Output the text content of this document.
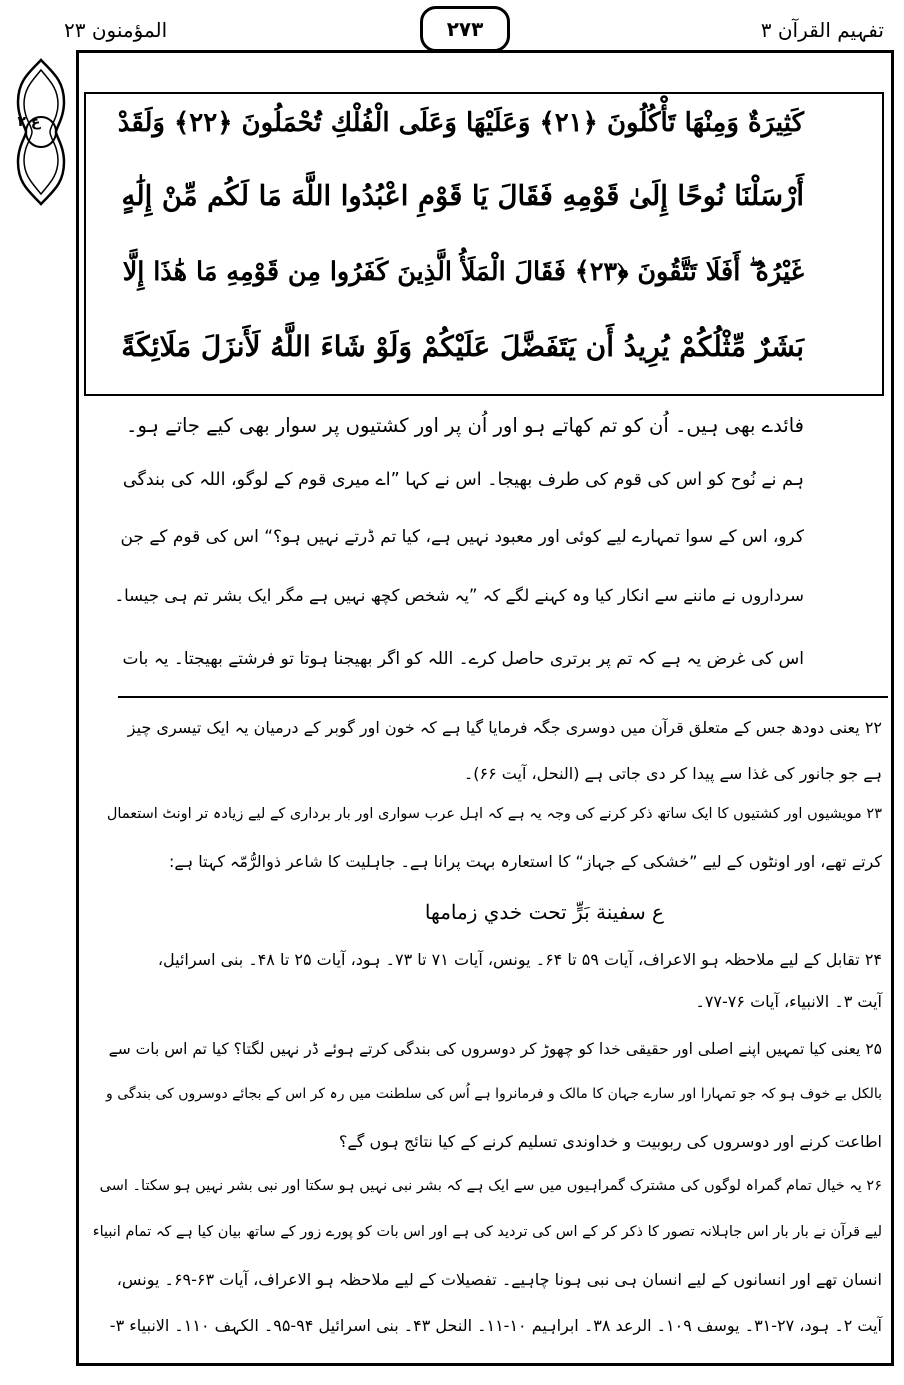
تفہیم القرآن ۳
۲۷۳
المؤمنون ۲۳
ع ۲	كَثِيرَةٌ وَمِنْهَا تَأْكُلُونَ ﴿٢١﴾ وَعَلَيْهَا وَعَلَى الْفُلْكِ تُحْمَلُونَ ﴿٢٢﴾ وَلَقَدْ
أَرْسَلْنَا نُوحًا إِلَىٰ قَوْمِهِ فَقَالَ يَا قَوْمِ اعْبُدُوا اللَّهَ مَا لَكُم مِّنْ إِلَٰهٍ
غَيْرُهُ ۖ أَفَلَا تَتَّقُونَ ﴿٢٣﴾ فَقَالَ الْمَلَأُ الَّذِينَ كَفَرُوا مِن قَوْمِهِ مَا هَٰذَا إِلَّا
بَشَرٌ مِّثْلُكُمْ يُرِيدُ أَن يَتَفَضَّلَ عَلَيْكُمْ وَلَوْ شَاءَ اللَّهُ لَأَنزَلَ مَلَائِكَةً
فائدے بھی ہیں۔ اُن کو تم کھاتے ہو اور اُن پر اور کشتیوں پر سوار بھی کیے جاتے ہو۔
ہم نے نُوح کو اس کی قوم کی طرف بھیجا۔ اس نے کہا ”اے میری قوم کے لوگو، اللہ کی بندگی
کرو، اس کے سوا تمہارے لیے کوئی اور معبود نہیں ہے، کیا تم ڈرتے نہیں ہو؟“ اس کی قوم کے جن
سرداروں نے ماننے سے انکار کیا وہ کہنے لگے کہ ”یہ شخص کچھ نہیں ہے مگر ایک بشر تم ہی جیسا۔
اس کی غرض یہ ہے کہ تم پر برتری حاصل کرے۔ اللہ کو اگر بھیجنا ہوتا تو فرشتے بھیجتا۔ یہ بات
۲۲ یعنی دودھ جس کے متعلق قرآن میں دوسری جگہ فرمایا گیا ہے کہ خون اور گوبر کے درمیان یہ ایک تیسری چیز
ہے جو جانور کی غذا سے پیدا کر دی جاتی ہے (النحل، آیت ۶۶)۔
۲۳ مویشیوں اور کشتیوں کا ایک ساتھ ذکر کرنے کی وجہ یہ ہے کہ اہل عرب سواری اور بار برداری کے لیے زیادہ تر اونٹ استعمال
کرتے تھے، اور اونٹوں کے لیے ”خشکی کے جہاز“ کا استعارہ بہت پرانا ہے۔ جاہلیت کا شاعر ذوالرُّمّہ کہتا ہے:
ع سفينة بَرٍّ تحت خدي زمامها
۲۴ تقابل کے لیے ملاحظہ ہو الاعراف، آیات ۵۹ تا ۶۴۔ یونس، آیات ۷۱ تا ۷۳۔ ہود، آیات ۲۵ تا ۴۸۔ بنی اسرائیل،
آیت ۳۔ الانبیاء، آیات ۷۶-۷۷۔
۲۵ یعنی کیا تمہیں اپنے اصلی اور حقیقی خدا کو چھوڑ کر دوسروں کی بندگی کرتے ہوئے ڈر نہیں لگتا؟ کیا تم اس بات سے
بالکل بے خوف ہو کہ جو تمہارا اور سارے جہان کا مالک و فرمانروا ہے اُس کی سلطنت میں رہ کر اس کے بجائے دوسروں کی بندگی و
اطاعت کرنے اور دوسروں کی ربوبیت و خداوندی تسلیم کرنے کے کیا نتائج ہوں گے؟
۲۶ یہ خیال تمام گمراہ لوگوں کی مشترک گمراہیوں میں سے ایک ہے کہ بشر نبی نہیں ہو سکتا اور نبی بشر نہیں ہو سکتا۔ اسی
لیے قرآن نے بار بار اس جاہلانہ تصور کا ذکر کر کے اس کی تردید کی ہے اور اس بات کو پورے زور کے ساتھ بیان کیا ہے کہ تمام انبیاء
انسان تھے اور انسانوں کے لیے انسان ہی نبی ہونا چاہیے۔ تفصیلات کے لیے ملاحظہ ہو الاعراف، آیات ۶۳-۶۹۔ یونس،
آیت ۲۔ ہود، ۲۷-۳۱۔ یوسف ۱۰۹۔ الرعد ۳۸۔ ابراہیم ۱۰-۱۱۔ النحل ۴۳۔ بنی اسرائیل ۹۴-۹۵۔ الکہف ۱۱۰۔ الانبیاء ۳-
